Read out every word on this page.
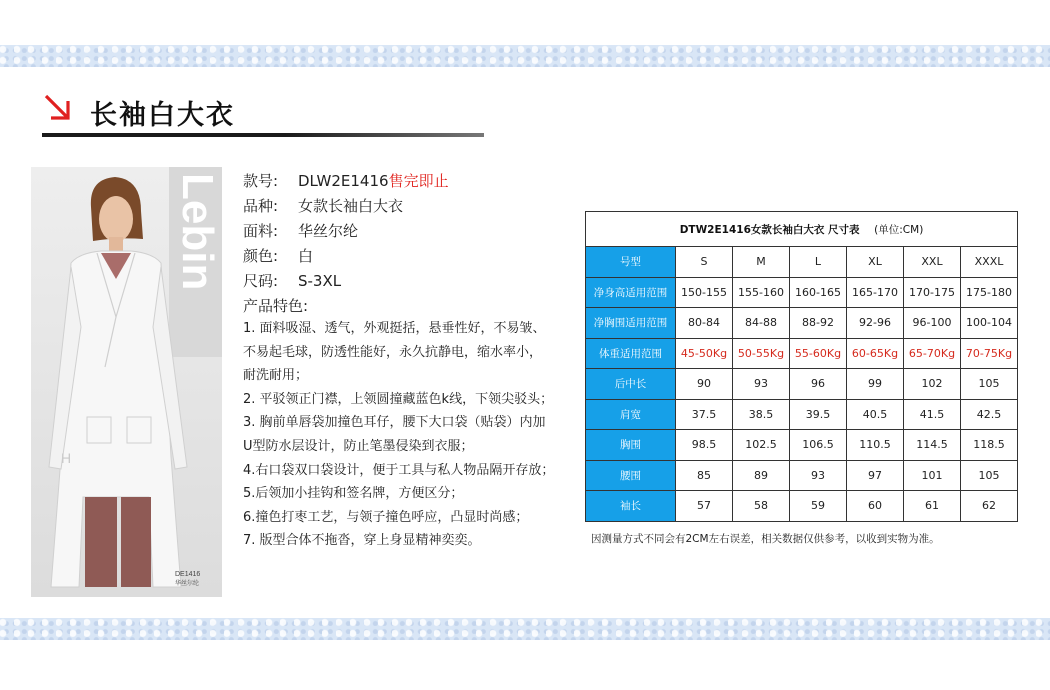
长袖白大衣
Lebin
H
DE1416
华丝尔纶
款号:	DLW2E1416 售完即止
品种:	女款长袖白大衣
面料:	华丝尔纶
颜色:	白
尺码:	S-3XL
产品特色:
1. 面料吸湿、透气，外观挺括，悬垂性好，不易皱、
不易起毛球，防透性能好，永久抗静电，缩水率小，
耐洗耐用；
2. 平驳领正门襟，上领圆撞藏蓝色k线，下领尖驳头；
3. 胸前单唇袋加撞色耳仔，腰下大口袋（贴袋）内加
U型防水层设计，防止笔墨侵染到衣服；
4.右口袋双口袋设计，便于工具与私人物品隔开存放；
5.后领加小挂钩和签名牌，方便区分；
6.撞色打枣工艺，与领子撞色呼应，凸显时尚感；
7. 版型合体不拖沓，穿上身显精神奕奕。
DTW2E1416女款长袖白大衣 尺寸表 (单位:CM)						
号型	S	M	L	XL	XXL	XXXL
净身高适用范围	150-155	155-160	160-165	165-170	170-175	175-180
净胸围适用范围	80-84	84-88	88-92	92-96	96-100	100-104
体重适用范围	45-50Kg	50-55Kg	55-60Kg	60-65Kg	65-70Kg	70-75Kg
后中长	90	93	96	99	102	105
肩宽	37.5	38.5	39.5	40.5	41.5	42.5
胸围	98.5	102.5	106.5	110.5	114.5	118.5
腰围	85	89	93	97	101	105
袖长	57	58	59	60	61	62
因测量方式不同会有2CM左右误差，相关数据仅供参考，以收到实物为准。
